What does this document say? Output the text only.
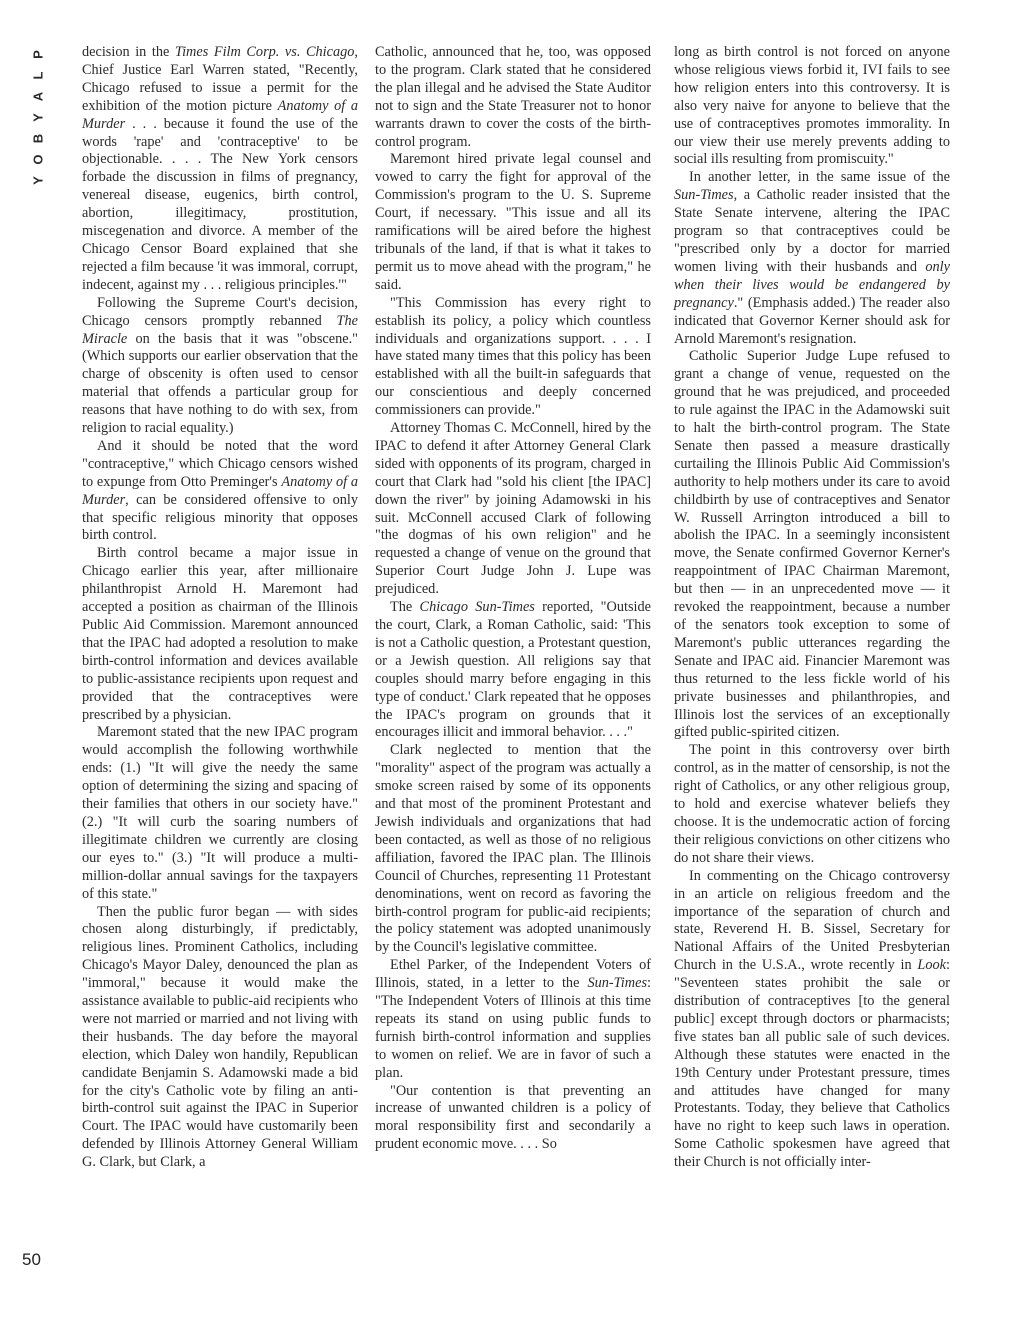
P
L
A
Y
B
O
Y

decision in the Times Film Corp. vs. Chicago, Chief Justice Earl Warren stated, "Recently, Chicago refused to issue a permit for the exhibition of the motion picture Anatomy of a Murder . . . because it found the use of the words 'rape' and 'contraceptive' to be objectionable. . . . The New York censors forbade the discussion in films of pregnancy, venereal disease, eugenics, birth control, abortion, illegitimacy, prostitution, miscegenation and divorce. A member of the Chicago Censor Board explained that she rejected a film because 'it was immoral, corrupt, indecent, against my . . . religious principles.'"

Following the Supreme Court's decision, Chicago censors promptly rebanned The Miracle on the basis that it was "obscene." (Which supports our earlier observation that the charge of obscenity is often used to censor material that offends a particular group for reasons that have nothing to do with sex, from religion to racial equality.)

And it should be noted that the word "contraceptive," which Chicago censors wished to expunge from Otto Preminger's Anatomy of a Murder, can be considered offensive to only that specific religious minority that opposes birth control.

Birth control became a major issue in Chicago earlier this year, after millionaire philanthropist Arnold H. Maremont had accepted a position as chairman of the Illinois Public Aid Commission. Maremont announced that the IPAC had adopted a resolution to make birth-control information and devices available to public-assistance recipients upon request and provided that the contraceptives were prescribed by a physician.

Maremont stated that the new IPAC program would accomplish the following worthwhile ends: (1.) "It will give the needy the same option of determining the sizing and spacing of their families that others in our society have." (2.) "It will curb the soaring numbers of illegitimate children we currently are closing our eyes to." (3.) "It will produce a multi-million-dollar annual savings for the taxpayers of this state."

Then the public furor began — with sides chosen along disturbingly, if predictably, religious lines. Prominent Catholics, including Chicago's Mayor Daley, denounced the plan as "immoral," because it would make the assistance available to public-aid recipients who were not married or married and not living with their husbands. The day before the mayoral election, which Daley won handily, Republican candidate Benjamin S. Adamowski made a bid for the city's Catholic vote by filing an anti-birth-control suit against the IPAC in Superior Court. The IPAC would have customarily been defended by Illinois Attorney General William G. Clark, but Clark, a

Catholic, announced that he, too, was opposed to the program. Clark stated that he considered the plan illegal and he advised the State Auditor not to sign and the State Treasurer not to honor warrants drawn to cover the costs of the birth-control program.

Maremont hired private legal counsel and vowed to carry the fight for approval of the Commission's program to the U. S. Supreme Court, if necessary. "This issue and all its ramifications will be aired before the highest tribunals of the land, if that is what it takes to permit us to move ahead with the program," he said.

"This Commission has every right to establish its policy, a policy which countless individuals and organizations support. . . . I have stated many times that this policy has been established with all the built-in safeguards that our conscientious and deeply concerned commissioners can provide."

Attorney Thomas C. McConnell, hired by the IPAC to defend it after Attorney General Clark sided with opponents of its program, charged in court that Clark had "sold his client [the IPAC] down the river" by joining Adamowski in his suit. McConnell accused Clark of following "the dogmas of his own religion" and he requested a change of venue on the ground that Superior Court Judge John J. Lupe was prejudiced.

The Chicago Sun-Times reported, "Outside the court, Clark, a Roman Catholic, said: 'This is not a Catholic question, a Protestant question, or a Jewish question. All religions say that couples should marry before engaging in this type of conduct.' Clark repeated that he opposes the IPAC's program on grounds that it encourages illicit and immoral behavior. . . ."

Clark neglected to mention that the "morality" aspect of the program was actually a smoke screen raised by some of its opponents and that most of the prominent Protestant and Jewish individuals and organizations that had been contacted, as well as those of no religious affiliation, favored the IPAC plan. The Illinois Council of Churches, representing 11 Protestant denominations, went on record as favoring the birth-control program for public-aid recipients; the policy statement was adopted unanimously by the Council's legislative committee.

Ethel Parker, of the Independent Voters of Illinois, stated, in a letter to the Sun-Times: "The Independent Voters of Illinois at this time repeats its stand on using public funds to furnish birth-control information and supplies to women on relief. We are in favor of such a plan.

"Our contention is that preventing an increase of unwanted children is a policy of moral responsibility first and secondarily a prudent economic move. . . . So

long as birth control is not forced on anyone whose religious views forbid it, IVI fails to see how religion enters into this controversy. It is also very naive for anyone to believe that the use of contraceptives promotes immorality. In our view their use merely prevents adding to social ills resulting from promiscuity."

In another letter, in the same issue of the Sun-Times, a Catholic reader insisted that the State Senate intervene, altering the IPAC program so that contraceptives could be "prescribed only by a doctor for married women living with their husbands and only when their lives would be endangered by pregnancy." (Emphasis added.) The reader also indicated that Governor Kerner should ask for Arnold Maremont's resignation.

Catholic Superior Judge Lupe refused to grant a change of venue, requested on the ground that he was prejudiced, and proceeded to rule against the IPAC in the Adamowski suit to halt the birth-control program. The State Senate then passed a measure drastically curtailing the Illinois Public Aid Commission's authority to help mothers under its care to avoid childbirth by use of contraceptives and Senator W. Russell Arrington introduced a bill to abolish the IPAC. In a seemingly inconsistent move, the Senate confirmed Governor Kerner's reappointment of IPAC Chairman Maremont, but then — in an unprecedented move — it revoked the reappointment, because a number of the senators took exception to some of Maremont's public utterances regarding the Senate and IPAC aid. Financier Maremont was thus returned to the less fickle world of his private businesses and philanthropies, and Illinois lost the services of an exceptionally gifted public-spirited citizen.

The point in this controversy over birth control, as in the matter of censorship, is not the right of Catholics, or any other religious group, to hold and exercise whatever beliefs they choose. It is the undemocratic action of forcing their religious convictions on other citizens who do not share their views.

In commenting on the Chicago controversy in an article on religious freedom and the importance of the separation of church and state, Reverend H. B. Sissel, Secretary for National Affairs of the United Presbyterian Church in the U.S.A., wrote recently in Look: "Seventeen states prohibit the sale or distribution of contraceptives [to the general public] except through doctors or pharmacists; five states ban all public sale of such devices. Although these statutes were enacted in the 19th Century under Protestant pressure, times and attitudes have changed for many Protestants. Today, they believe that Catholics have no right to keep such laws in operation. Some Catholic spokesmen have agreed that their Church is not officially inter-

50
